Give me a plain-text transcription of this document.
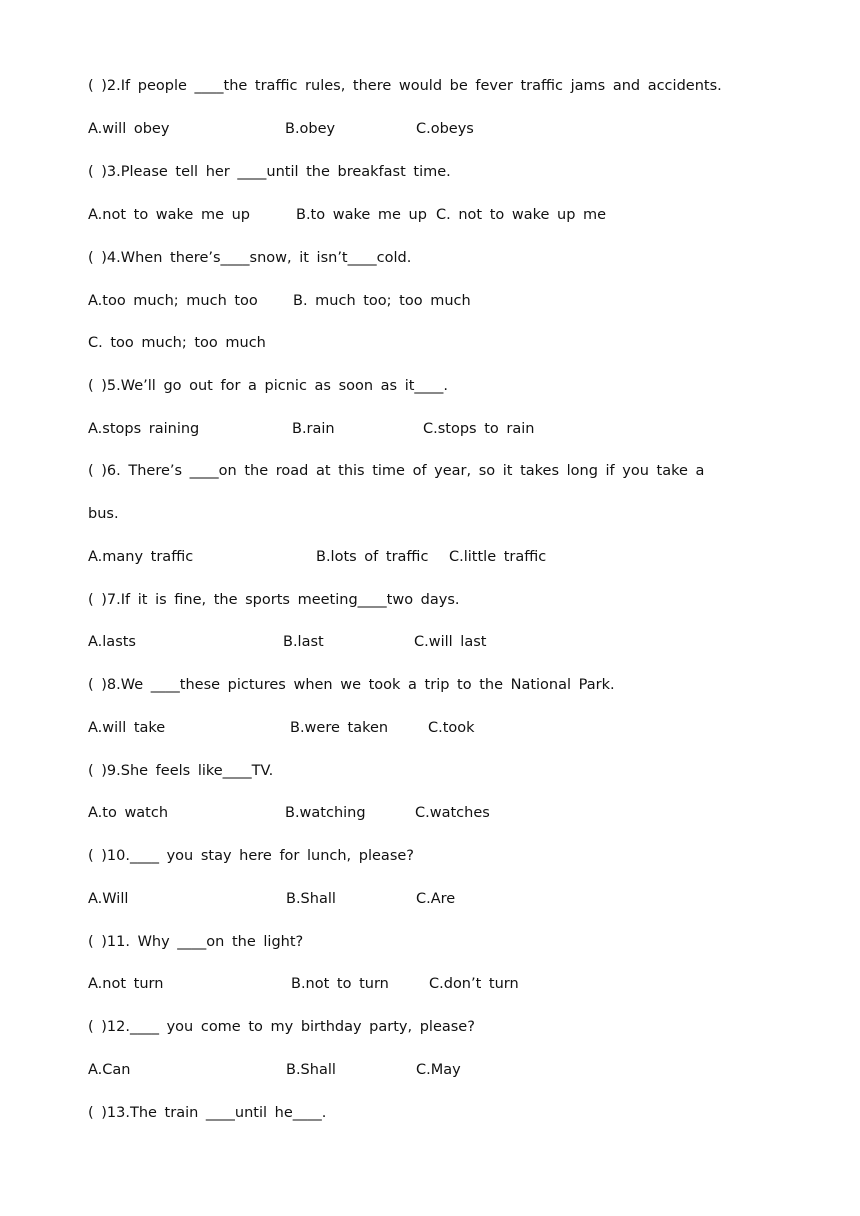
( )2.If people ____the traffic rules, there would be fever traffic jams and accidents.
A.will obey	B.obey	C.obeys
( )3.Please tell her ____until the breakfast time.
A.not to wake me up	B.to wake me up C. not to wake up me
( )4.When there’s____snow, it isn’t____cold.
A.too much; much too B. much too; too much
C. too much; too much
( )5.We’ll go out for a picnic as soon as it____.
A.stops raining	B.rain	C.stops to rain
( )6. There’s ____on the road at this time of year, so it takes long if you take a
bus.
A.many traffic	B.lots of traffic C.little traffic
( )7.If it is fine, the sports meeting____two days.
A.lasts	B.last	C.will last
( )8.We ____these pictures when we took a trip to the National Park.
A.will take	B.were taken	C.took
( )9.She feels like____TV.
A.to watch	B.watching	C.watches
( )10.____ you stay here for lunch, please?
A.Will	B.Shall	C.Are
( )11. Why ____on the light?
A.not turn	B.not to turn	C.don’t turn
( )12.____ you come to my birthday party, please?
A.Can	B.Shall	C.May
( )13.The train ____until he____.
